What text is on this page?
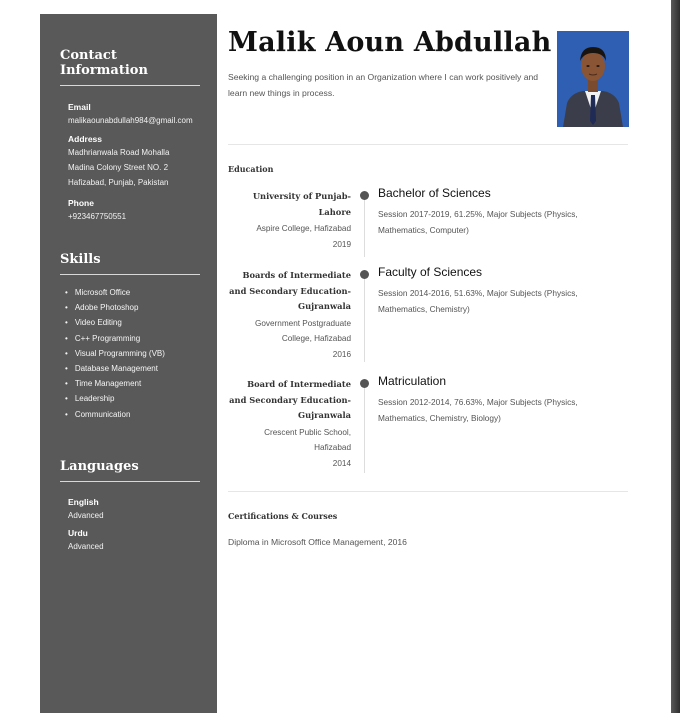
Contact Information
Email
malikaounabdullah984@gmail.com
Address
Madhrianwala Road Mohalla
Madina Colony Street NO. 2
Hafizabad, Punjab, Pakistan
Phone
+923467750551
Skills
• Microsoft Office
• Adobe Photoshop
• Video Editing
• C++ Programming
• Visual Programming (VB)
• Database Management
• Time Management
• Leadership
• Communication
Languages
English
Advanced
Urdu
Advanced
Malik Aoun Abdullah

Seeking a challenging position in an Organization where I can work positively and learn new things in process.

Education
University of Punjab-Lahore
Aspire College, Hafizabad
2019
Bachelor of Sciences
Session 2017-2019, 61.25%, Major Subjects (Physics, Mathematics, Computer)
Boards of Intermediate and Secondary Education-Gujranwala
Government Postgraduate College, Hafizabad
2016
Faculty of Sciences
Session 2014-2016, 51.63%, Major Subjects (Physics, Mathematics, Chemistry)
Board of Intermediate and Secondary Education-Gujranwala
Crescent Public School, Hafizabad
2014
Matriculation
Session 2012-2014, 76.63%, Major Subjects (Physics, Mathematics, Chemistry, Biology)
Certifications & Courses

Diploma in Microsoft Office Management, 2016
